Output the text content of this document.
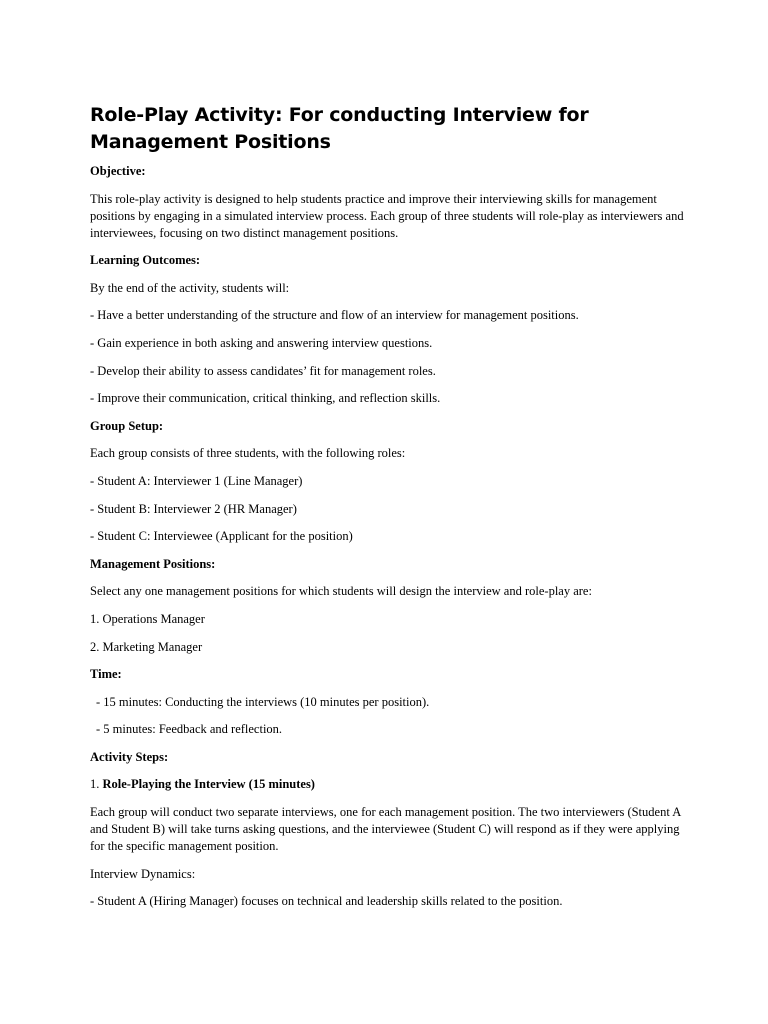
Role-Play Activity: For conducting Interview for Management Positions

Objective:

This role-play activity is designed to help students practice and improve their interviewing skills for management positions by engaging in a simulated interview process. Each group of three students will role-play as interviewers and interviewees, focusing on two distinct management positions.

Learning Outcomes:

By the end of the activity, students will:

- Have a better understanding of the structure and flow of an interview for management positions.

- Gain experience in both asking and answering interview questions.

- Develop their ability to assess candidates’ fit for management roles.

- Improve their communication, critical thinking, and reflection skills.

Group Setup:

Each group consists of three students, with the following roles:

- Student A: Interviewer 1 (Line Manager)

- Student B: Interviewer 2 (HR Manager)

- Student C: Interviewee (Applicant for the position)

Management Positions:

Select any one management positions for which students will design the interview and role-play are:

1. Operations Manager

2. Marketing Manager

Time:

- 15 minutes: Conducting the interviews (10 minutes per position).

- 5 minutes: Feedback and reflection.

Activity Steps:

1. Role-Playing the Interview (15 minutes)

Each group will conduct two separate interviews, one for each management position. The two interviewers (Student A and Student B) will take turns asking questions, and the interviewee (Student C) will respond as if they were applying for the specific management position.

Interview Dynamics:

- Student A (Hiring Manager) focuses on technical and leadership skills related to the position.
